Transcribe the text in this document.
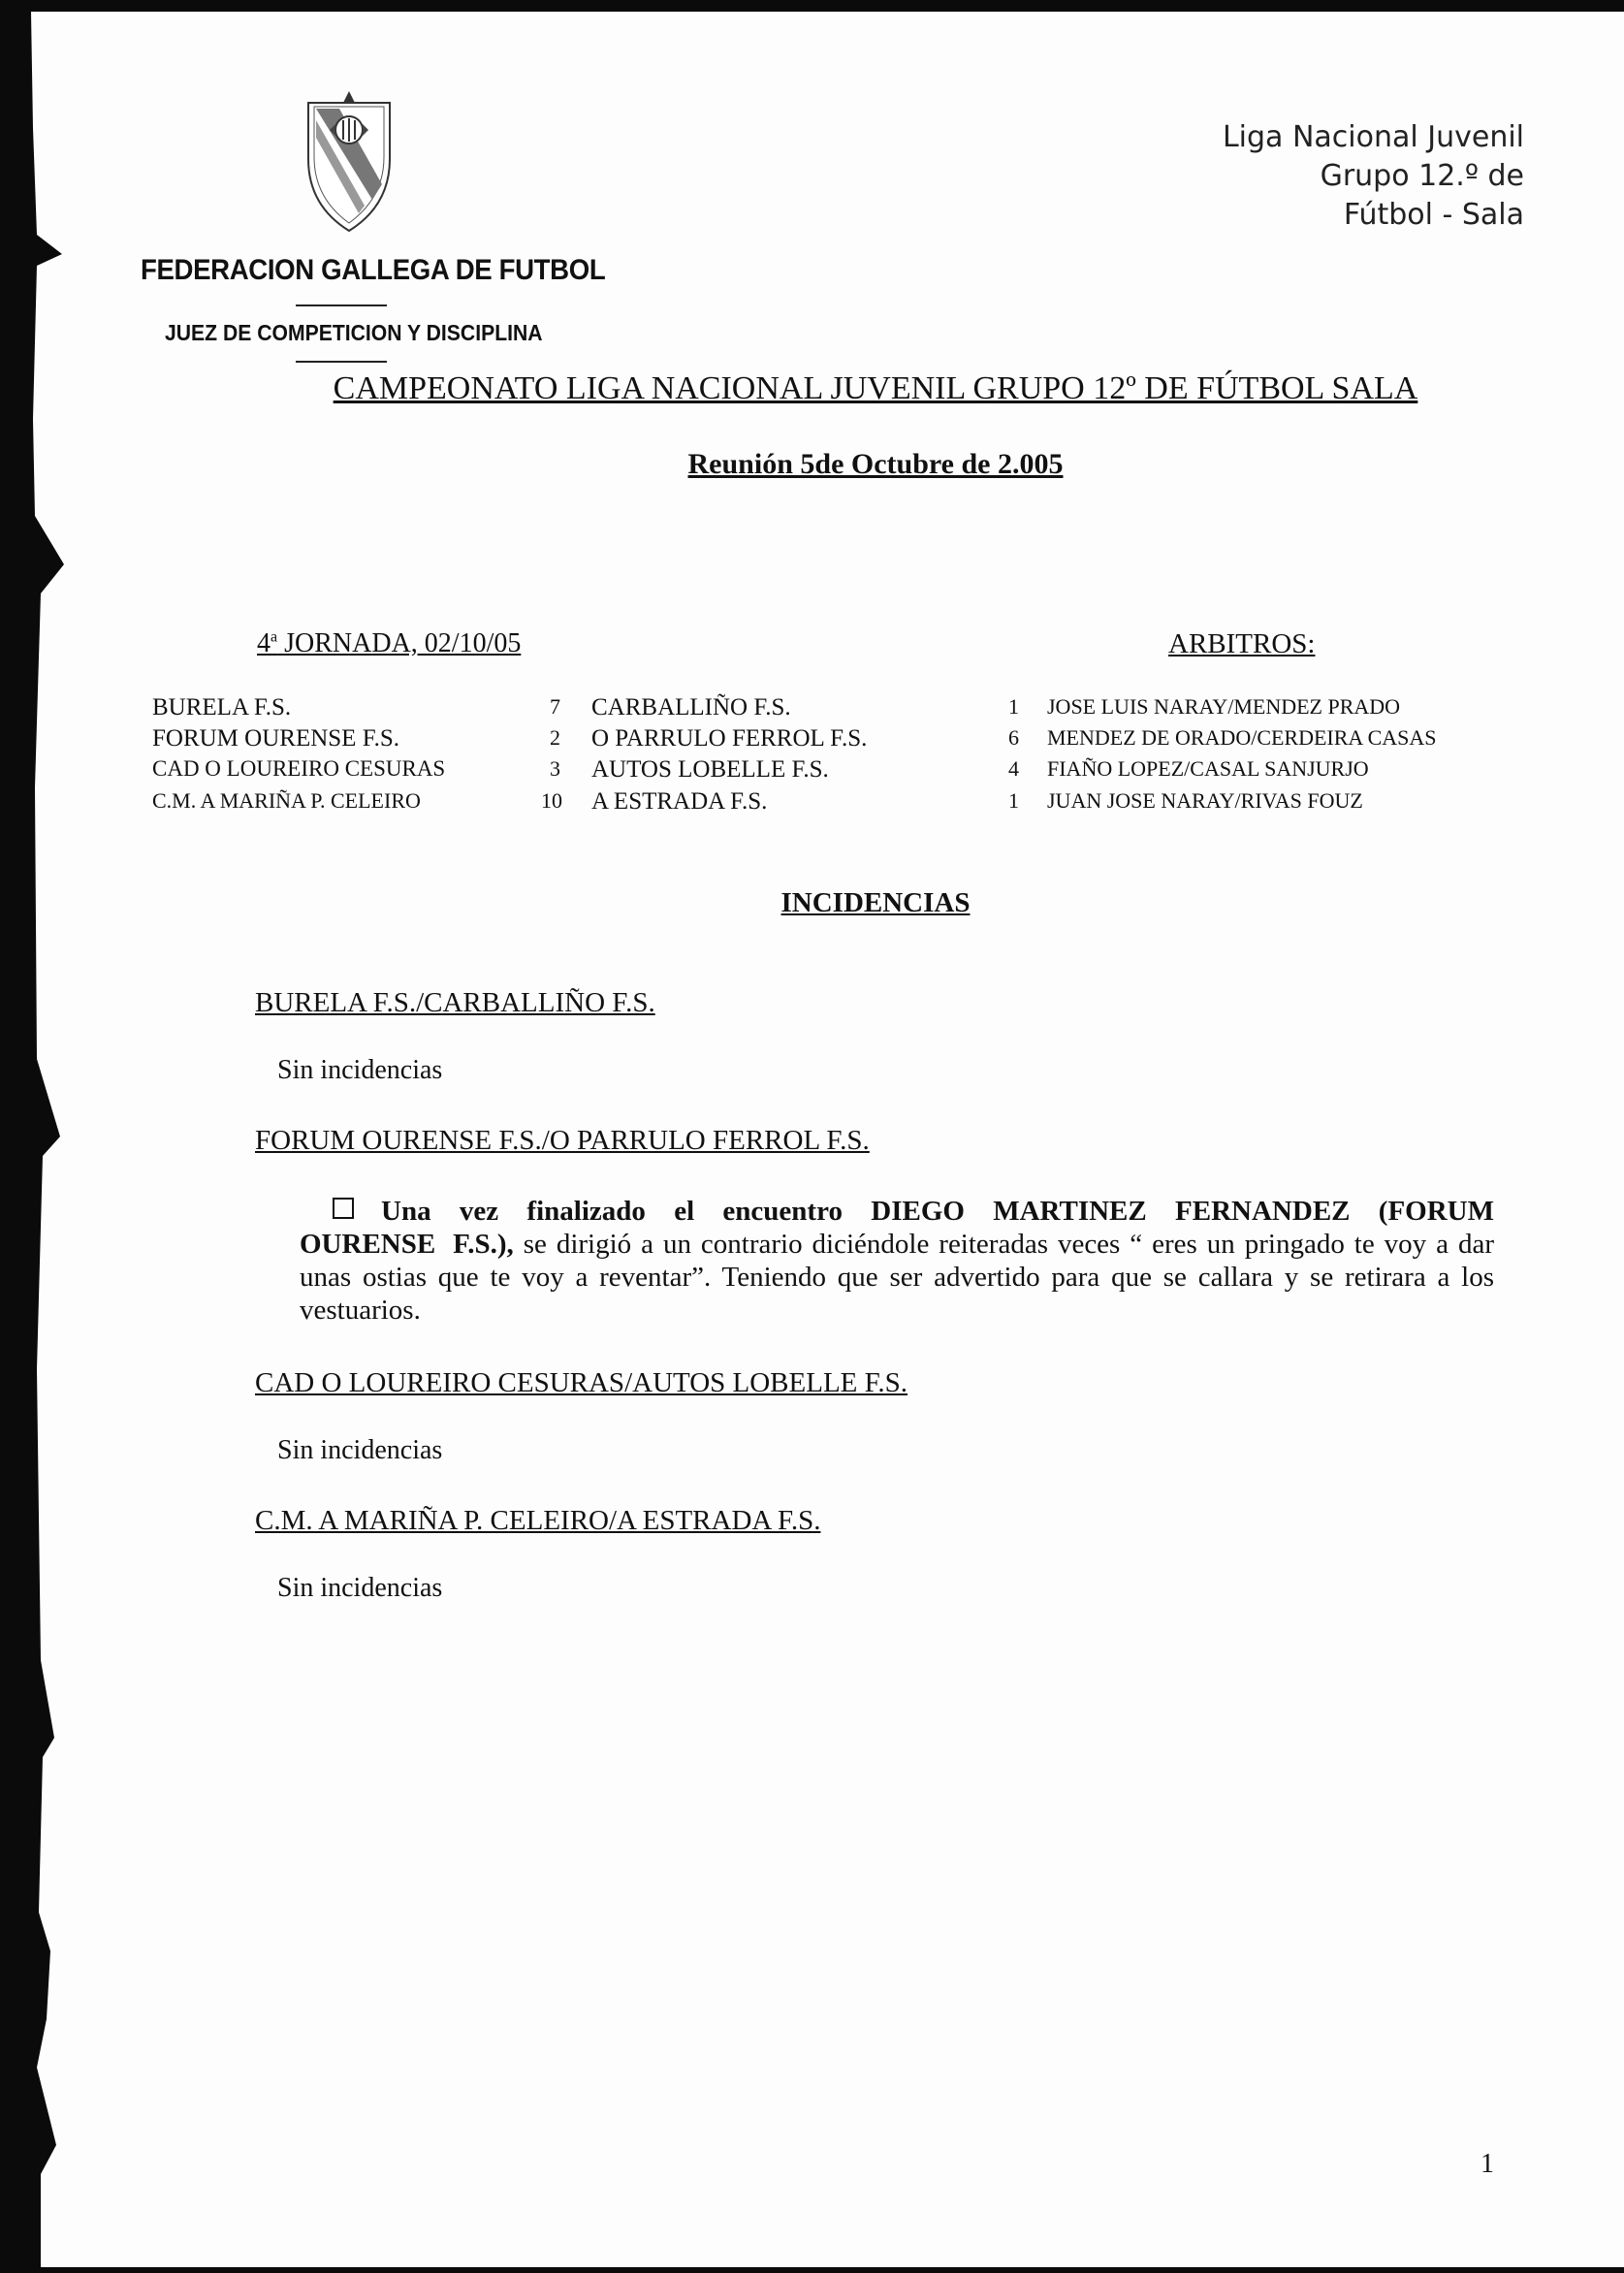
FEDERACION GALLEGA DE FUTBOL
JUEZ DE COMPETICION Y DISCIPLINA
Liga Nacional Juvenil
Grupo 12.º de
Fútbol - Sala
CAMPEONATO LIGA NACIONAL JUVENIL GRUPO 12º DE FÚTBOL SALA
Reunión 5de Octubre de 2.005
4$^a$ JORNADA, 02/10/05	ARBITROS:
BURELA F.S.	7 CARBALLIÑO F.S.	1 JOSE LUIS NARAY/MENDEZ PRADO
FORUM OURENSE F.S.	2 O PARRULO FERROL F.S.	6 MENDEZ DE ORADO/CERDEIRA CASAS
CAD O LOUREIRO CESURAS	3 AUTOS LOBELLE F.S.	4 FIAÑO LOPEZ/CASAL SANJURJO
C.M. A MARIÑA P. CELEIRO	10 A ESTRADA F.S.	1 JUAN JOSE NARAY/RIVAS FOUZ
INCIDENCIAS
BURELA F.S./CARBALLIÑO F.S.
Sin incidencias
FORUM OURENSE F.S./O PARRULO FERROL F.S.
Una vez finalizado el encuentro DIEGO MARTINEZ FERNANDEZ (FORUM OURENSE F.S.), se dirigió a un contrario diciéndole reiteradas veces “ eres un pringado te voy a dar unas ostias que te voy a reventar”. Teniendo que ser advertido para que se callara y se retirara a los vestuarios.
CAD O LOUREIRO CESURAS/AUTOS LOBELLE F.S.
Sin incidencias
C.M. A MARIÑA P. CELEIRO/A ESTRADA F.S.
Sin incidencias
1
